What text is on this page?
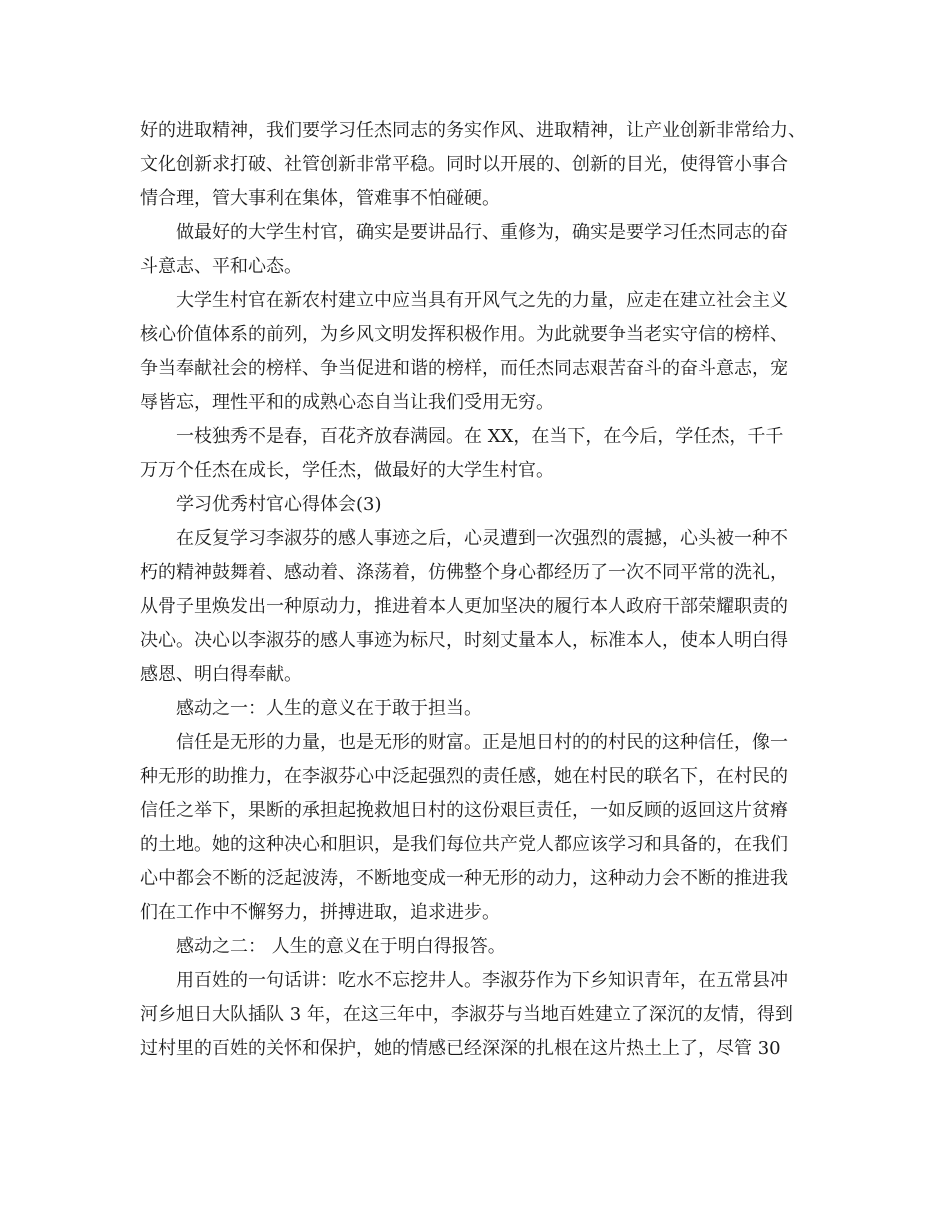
好的进取精神，我们要学习任杰同志的务实作风、进取精神，让产业创新非常给力、
文化创新求打破、社管创新非常平稳。同时以开展的、创新的目光，使得管小事合
情合理，管大事利在集体，管难事不怕碰硬。
做最好的大学生村官，确实是要讲品行、重修为，确实是要学习任杰同志的奋
斗意志、平和心态。
大学生村官在新农村建立中应当具有开风气之先的力量，应走在建立社会主义
核心价值体系的前列，为乡风文明发挥积极作用。为此就要争当老实守信的榜样、
争当奉献社会的榜样、争当促进和谐的榜样，而任杰同志艰苦奋斗的奋斗意志，宠
辱皆忘，理性平和的成熟心态自当让我们受用无穷。
一枝独秀不是春，百花齐放春满园。在 XX，在当下，在今后，学任杰，千千
万万个任杰在成长，学任杰，做最好的大学生村官。
学习优秀村官心得体会(3)
在反复学习李淑芬的感人事迹之后，心灵遭到一次强烈的震撼，心头被一种不
朽的精神鼓舞着、感动着、涤荡着，仿佛整个身心都经历了一次不同平常的洗礼，
从骨子里焕发出一种原动力，推进着本人更加坚决的履行本人政府干部荣耀职责的
决心。决心以李淑芬的感人事迹为标尺，时刻丈量本人，标准本人，使本人明白得
感恩、明白得奉献。
感动之一：人生的意义在于敢于担当。
信任是无形的力量，也是无形的财富。正是旭日村的的村民的这种信任，像一
种无形的助推力，在李淑芬心中泛起强烈的责任感，她在村民的联名下，在村民的
信任之举下，果断的承担起挽救旭日村的这份艰巨责任，一如反顾的返回这片贫瘠
的土地。她的这种决心和胆识，是我们每位共产党人都应该学习和具备的，在我们
心中都会不断的泛起波涛，不断地变成一种无形的动力，这种动力会不断的推进我
们在工作中不懈努力，拼搏进取，追求进步。
感动之二： 人生的意义在于明白得报答。
用百姓的一句话讲：吃水不忘挖井人。李淑芬作为下乡知识青年，在五常县冲
河乡旭日大队插队 3 年，在这三年中，李淑芬与当地百姓建立了深沉的友情，得到
过村里的百姓的关怀和保护，她的情感已经深深的扎根在这片热土上了，尽管 30
